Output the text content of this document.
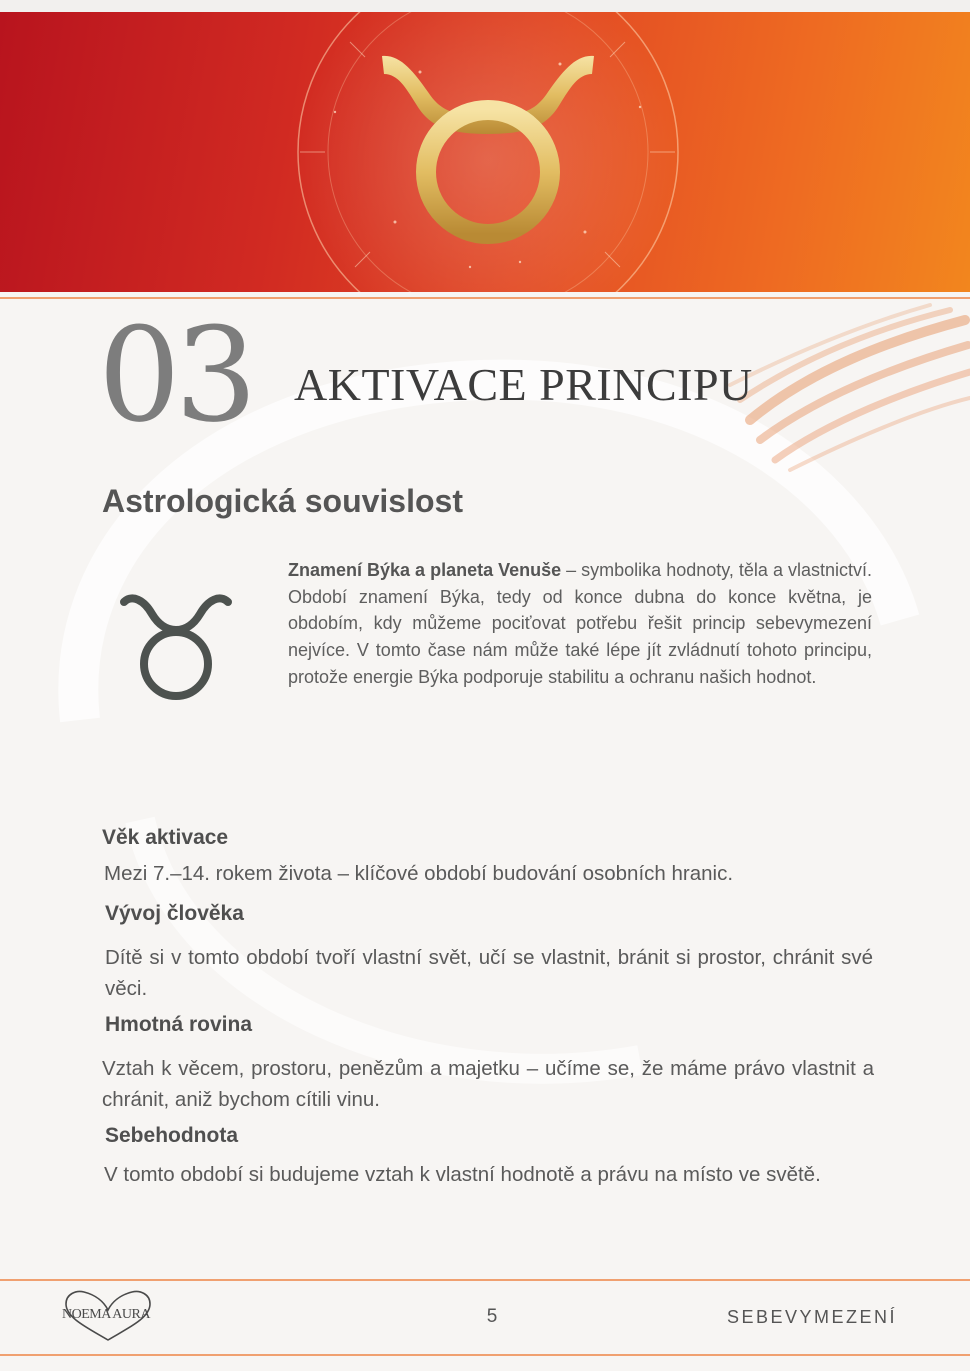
03 AKTIVACE PRINCIPU
Astrologická souvislost
Znamení Býka a planeta Venuše – symbolika hodnoty, těla a vlastnictví. Období znamení Býka, tedy od konce dubna do konce května, je obdobím, kdy můžeme pociťovat potřebu řešit princip sebevymezení nejvíce. V tomto čase nám může také lépe jít zvládnutí tohoto principu, protože energie Býka podporuje stabilitu a ochranu našich hodnot.
Věk aktivace
Mezi 7.–14. rokem života – klíčové období budování osobních hranic.
Vývoj člověka
Dítě si v tomto období tvoří vlastní svět, učí se vlastnit, bránit si prostor, chránit své věci.
Hmotná rovina
Vztah k věcem, prostoru, penězům a majetku – učíme se, že máme právo vlastnit a chránit, aniž bychom cítili vinu.
Sebehodnota
V tomto období si budujeme vztah k vlastní hodnotě a právu na místo ve světě.
NOEMA AURA	5	SEBEVYMEZENÍ
